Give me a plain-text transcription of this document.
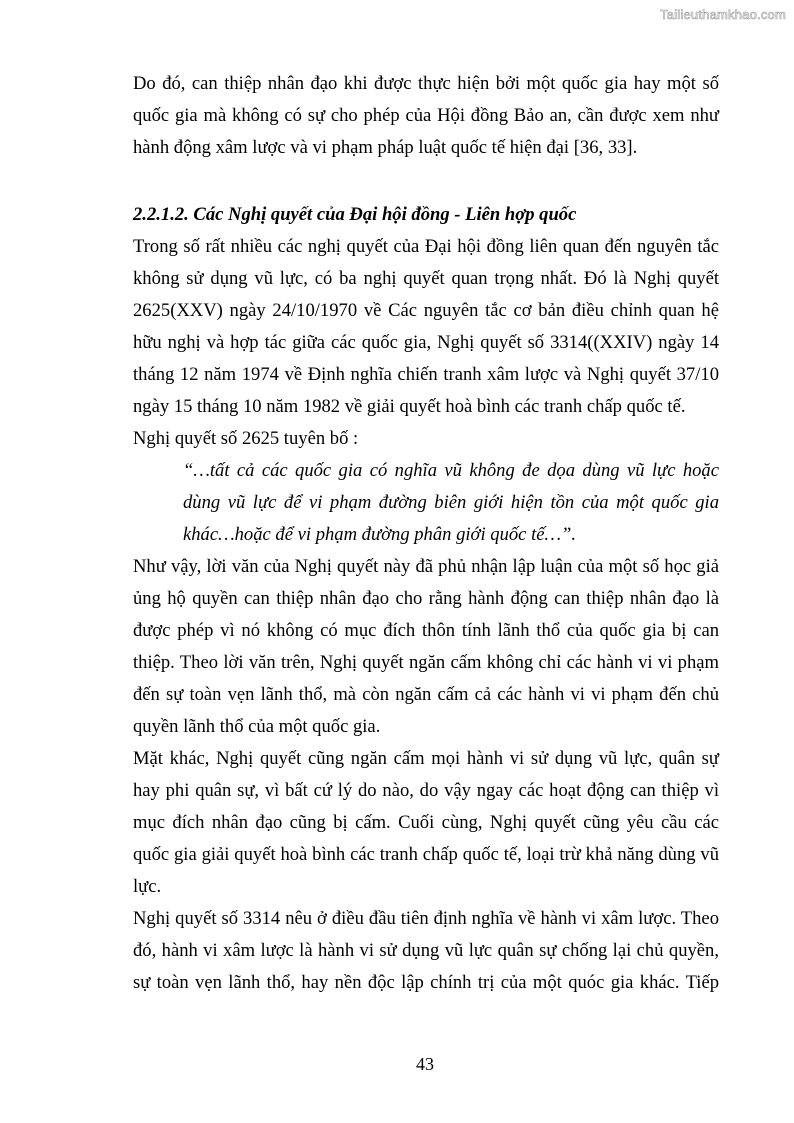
Tailieuthamkhao.com
Do đó, can thiệp nhân đạo khi được thực hiện bởi một quốc gia hay một số
quốc gia mà không có sự cho phép của Hội đồng Bảo an, cần được xem như
hành động xâm lược và vi phạm pháp luật quốc tế hiện đại [36, 33].
2.2.1.2. Các Nghị quyết của Đại hội đồng - Liên hợp quốc
Trong số rất nhiều các nghị quyết của Đại hội đồng liên quan đến nguyên tắc
không sử dụng vũ lực, có ba nghị quyết quan trọng nhất. Đó là Nghị quyết
2625(XXV) ngày 24/10/1970 về Các nguyên tắc cơ bản điều chỉnh quan hệ
hữu nghị và hợp tác giữa các quốc gia, Nghị quyết số 3314((XXIV) ngày 14
tháng 12 năm 1974 về Định nghĩa chiến tranh xâm lược và Nghị quyết 37/10
ngày 15 tháng 10 năm 1982 về giải quyết hoà bình các tranh chấp quốc tế.
Nghị quyết số 2625 tuyên bố :
“…tất cả các quốc gia có nghĩa vũ không đe dọa dùng vũ lực hoặc
dùng vũ lực để vi phạm đường biên giới hiện tồn của một quốc gia
khác…hoặc để vi phạm đường phân giới quốc tế…”.
Như vậy, lời văn của Nghị quyết này đã phủ nhận lập luận của một số học giả
ủng hộ quyền can thiệp nhân đạo cho rằng hành động can thiệp nhân đạo là
được phép vì nó không có mục đích thôn tính lãnh thổ của quốc gia bị can
thiệp. Theo lời văn trên, Nghị quyết ngăn cấm không chỉ các hành vi vi phạm
đến sự toàn vẹn lãnh thổ, mà còn ngăn cấm cả các hành vi vi phạm đến chủ
quyền lãnh thổ của một quốc gia.
Mặt khác, Nghị quyết cũng ngăn cấm mọi hành vi sử dụng vũ lực, quân sự
hay phi quân sự, vì bất cứ lý do nào, do vậy ngay các hoạt động can thiệp vì
mục đích nhân đạo cũng bị cấm. Cuối cùng, Nghị quyết cũng yêu cầu các
quốc gia giải quyết hoà bình các tranh chấp quốc tế, loại trừ khả năng dùng vũ
lực.
Nghị quyết số 3314 nêu ở điều đầu tiên định nghĩa về hành vi xâm lược. Theo
đó, hành vi xâm lược là hành vi sử dụng vũ lực quân sự chống lại chủ quyền,
sự toàn vẹn lãnh thổ, hay nền độc lập chính trị của một quóc gia khác. Tiếp
43
